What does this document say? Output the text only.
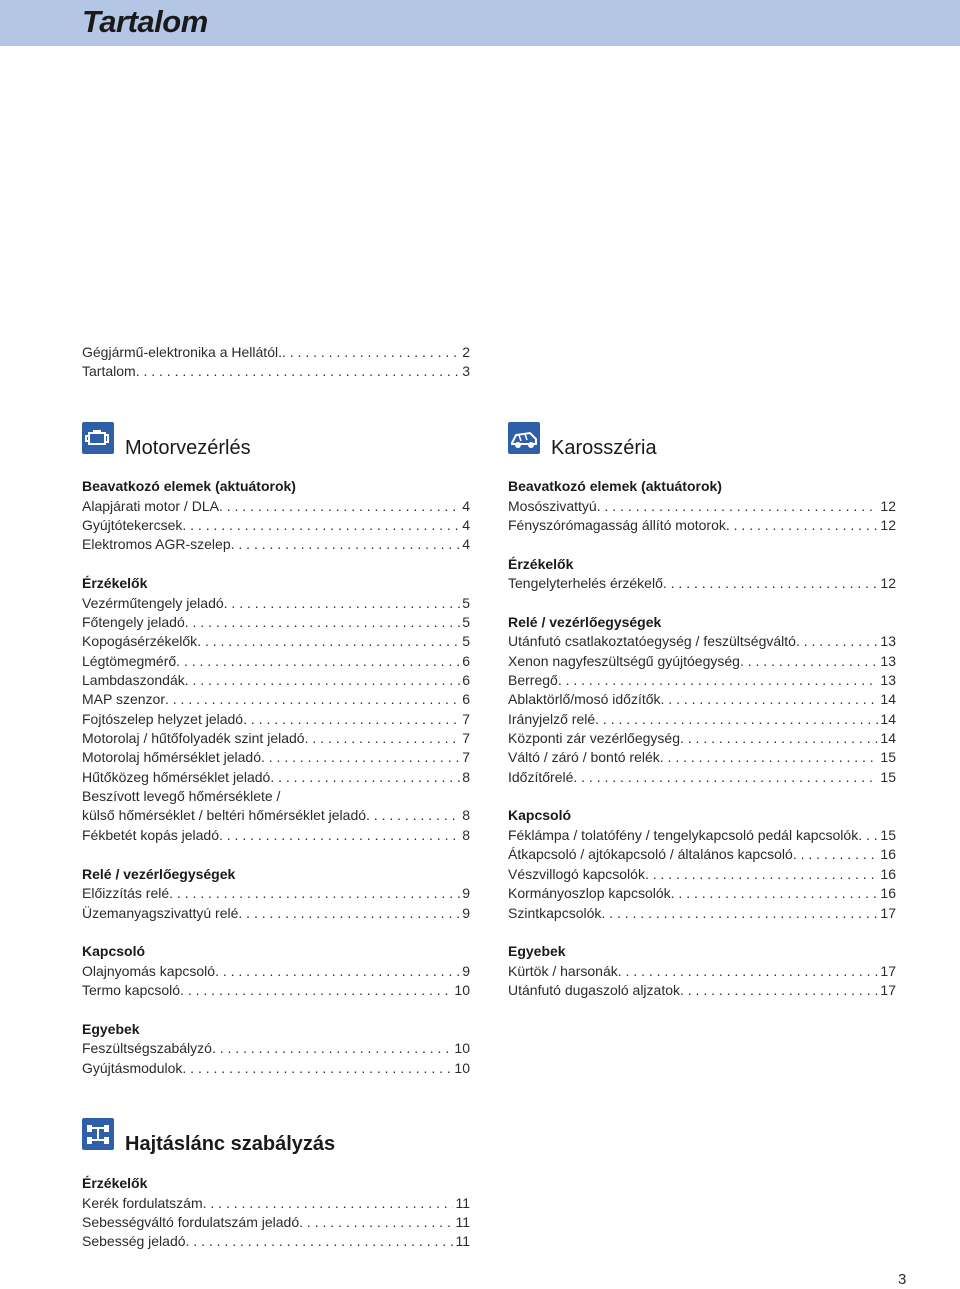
Tartalom
Gégjármű-elektronika a Hellától. . . .	2
Tartalom . . .	3
Motorvezérlés
Beavatkozó elemek (aktuátorok)
Alapjárati motor / DLA . . .	4
Gyújtótekercsek . . .	4
Elektromos AGR-szelep . . .	4
Érzékelők
Vezérműtengely jeladó . . .	5
Főtengely jeladó . . .	5
Kopogásérzékelők . . .	5
Légtömegmérő . . .	6
Lambdaszondák . . .	6
MAP szenzor . . .	6
Fojtószelep helyzet jeladó . . .	7
Motorolaj / hűtőfolyadék szint jeladó . . .	7
Motorolaj hőmérséklet jeladó . . .	7
Hűtőközeg hőmérséklet jeladó . . .	8
Beszívott levegő hőmérséklete /
külső hőmérséklet / beltéri hőmérséklet jeladó . . .	8
Fékbetét kopás jeladó . . .	8
Relé / vezérlőegységek
Előizzítás relé . . .	9
Üzemanyagszivattyú relé . . .	9
Kapcsoló
Olajnyomás kapcsoló . . .	9
Termo kapcsoló . . .	10
Egyebek
Feszültségszabályzó . . .	10
Gyújtásmodulok . . .	10
Hajtáslánc szabályzás
Érzékelők
Kerék fordulatszám . . .	11
Sebességváltó fordulatszám jeladó . . .	11
Sebesség jeladó . . .	11
Karosszéria
Beavatkozó elemek (aktuátorok)
Mosószivattyú . . .	12
Fényszórómagasság állító motorok . . .	12
Érzékelők
Tengelyterhelés érzékelő . . .	12
Relé / vezérlőegységek
Utánfutó csatlakoztatóegység / feszültségváltó . . .	13
Xenon nagyfeszültségű gyújtóegység . . .	13
Berregő . . .	13
Ablaktörlő/mosó időzítők . . .	14
Irányjelző relé . . .	14
Központi zár vezérlőegység . . .	14
Váltó / záró / bontó relék . . .	15
Időzítőrelé . . .	15
Kapcsoló
Féklámpa / tolatófény / tengelykapcsoló pedál kapcsolók . . . 15
Átkapcsoló / ajtókapcsoló / általános kapcsoló . . .	16
Vészvillogó kapcsolók . . .	16
Kormányoszlop kapcsolók . . .	16
Szintkapcsolók . . .	17
Egyebek
Kürtök / harsonák . . .	17
Utánfutó dugaszoló aljzatok . . .	17
3
